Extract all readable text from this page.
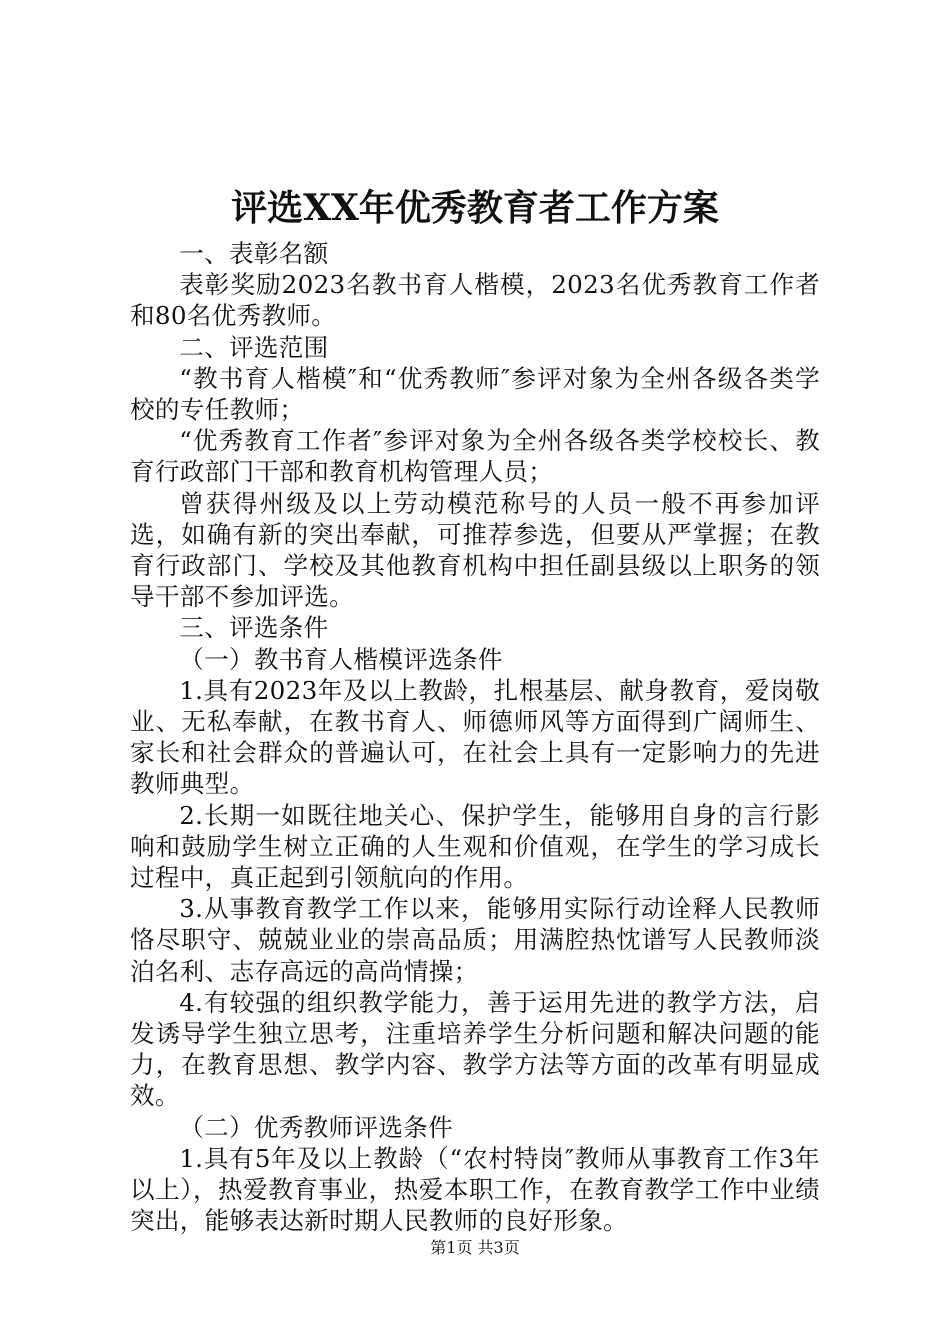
评选XX年优秀教育者工作方案

一、表彰名额

表彰奖励2023名教书育人楷模，2023名优秀教育工作者和80名优秀教师。

二、评选范围

“教书育人楷模″和“优秀教师″参评对象为全州各级各类学校的专任教师；

“优秀教育工作者″参评对象为全州各级各类学校校长、教育行政部门干部和教育机构管理人员；

曾获得州级及以上劳动模范称号的人员一般不再参加评选，如确有新的突出奉献，可推荐参选，但要从严掌握；在教育行政部门、学校及其他教育机构中担任副县级以上职务的领导干部不参加评选。

三、评选条件

（一）教书育人楷模评选条件

1.具有2023年及以上教龄，扎根基层、献身教育，爱岗敬业、无私奉献，在教书育人、师德师风等方面得到广阔师生、家长和社会群众的普遍认可，在社会上具有一定影响力的先进教师典型。

2.长期一如既往地关心、保护学生，能够用自身的言行影响和鼓励学生树立正确的人生观和价值观，在学生的学习成长过程中，真正起到引领航向的作用。

3.从事教育教学工作以来，能够用实际行动诠释人民教师恪尽职守、兢兢业业的崇高品质；用满腔热忱谱写人民教师淡泊名利、志存高远的高尚情操；

4.有较强的组织教学能力，善于运用先进的教学方法，启发诱导学生独立思考，注重培养学生分析问题和解决问题的能力，在教育思想、教学内容、教学方法等方面的改革有明显成效。

（二）优秀教师评选条件

1.具有5年及以上教龄（“农村特岗″教师从事教育工作3年以上），热爱教育事业，热爱本职工作，在教育教学工作中业绩突出，能够表达新时期人民教师的良好形象。

第1页 共3页
